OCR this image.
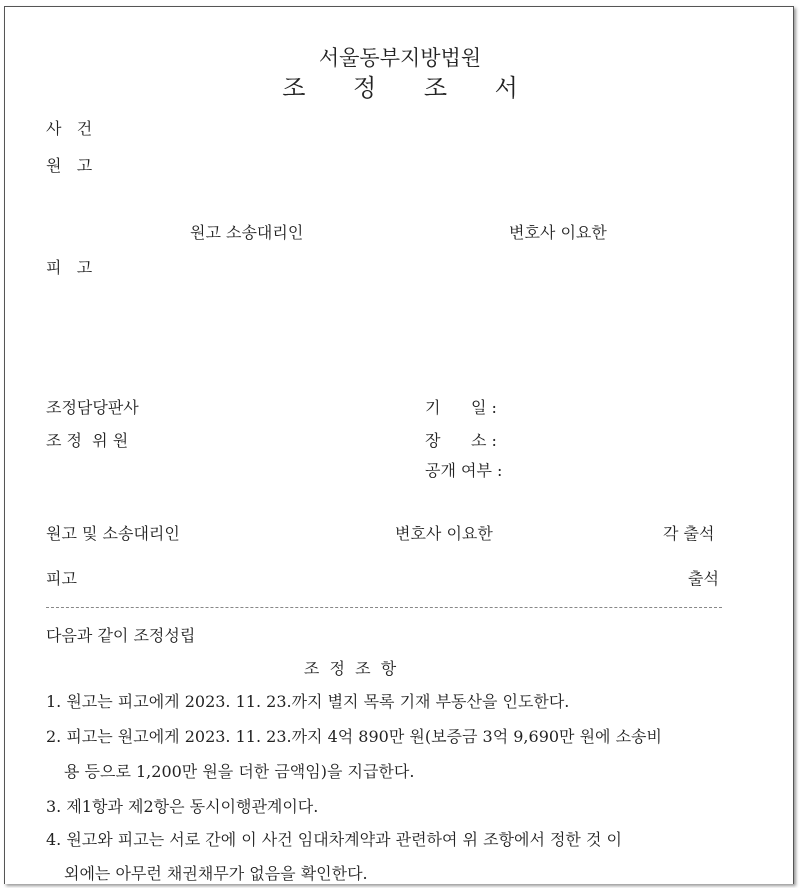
서울동부지방법원
조 정 조 서
사   건
원   고
원고 소송대리인	변호사 이요한
피   고
조정담당판사
조 정  위 원
기      일 :
장      소 :
공개 여부 :
원고 및 소송대리인	변호사 이요한	각 출석
피고	출석
다음과 같이 조정성립
조  정  조  항
1. 원고는 피고에게 2023. 11. 23.까지 별지 목록 기재 부동산을 인도한다.
2. 피고는 원고에게 2023. 11. 23.까지 4억 890만 원(보증금 3억 9,690만 원에 소송비
용 등으로 1,200만 원을 더한 금액임)을 지급한다.
3. 제1항과 제2항은 동시이행관계이다.
4. 원고와 피고는 서로 간에 이 사건 임대차계약과 관련하여 위 조항에서 정한 것 이
외에는 아무런 채권채무가 없음을 확인한다.
